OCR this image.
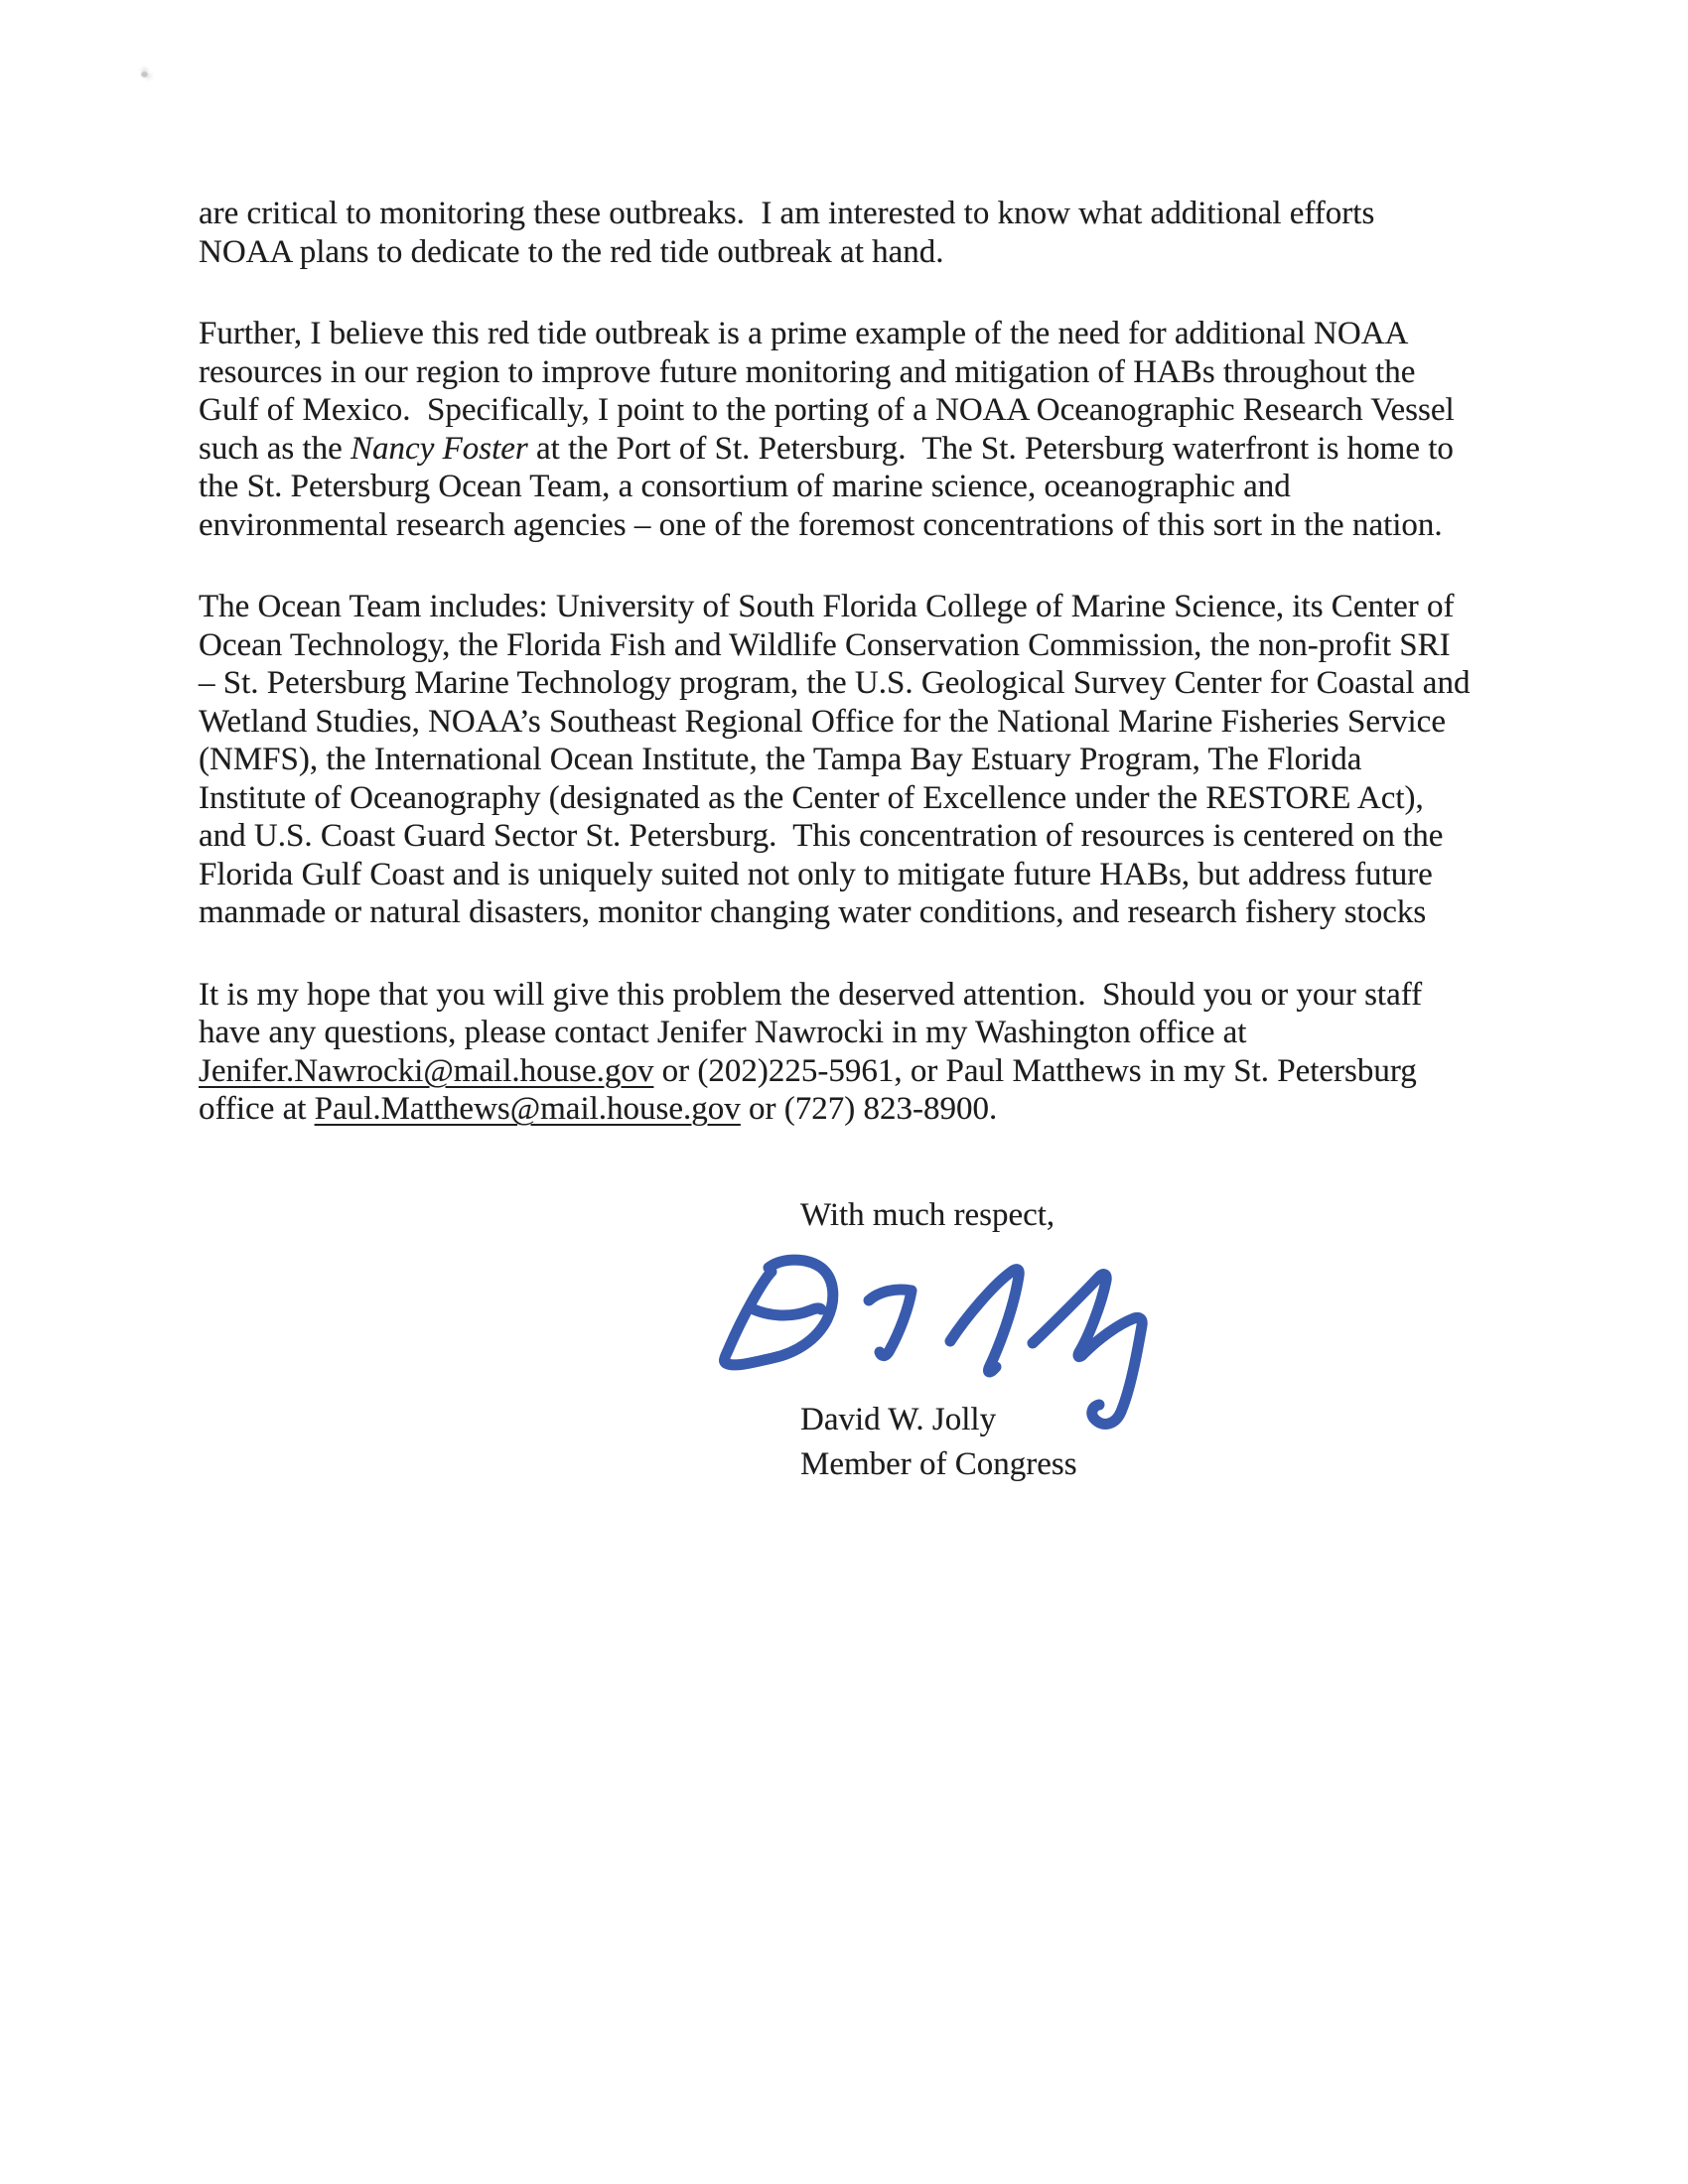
are critical to monitoring these outbreaks.  I am interested to know what additional efforts
NOAA plans to dedicate to the red tide outbreak at hand.

Further, I believe this red tide outbreak is a prime example of the need for additional NOAA
resources in our region to improve future monitoring and mitigation of HABs throughout the
Gulf of Mexico.  Specifically, I point to the porting of a NOAA Oceanographic Research Vessel
such as the Nancy Foster at the Port of St. Petersburg.  The St. Petersburg waterfront is home to
the St. Petersburg Ocean Team, a consortium of marine science, oceanographic and
environmental research agencies – one of the foremost concentrations of this sort in the nation.

The Ocean Team includes: University of South Florida College of Marine Science, its Center of
Ocean Technology, the Florida Fish and Wildlife Conservation Commission, the non-profit SRI
– St. Petersburg Marine Technology program, the U.S. Geological Survey Center for Coastal and
Wetland Studies, NOAA’s Southeast Regional Office for the National Marine Fisheries Service
(NMFS), the International Ocean Institute, the Tampa Bay Estuary Program, The Florida
Institute of Oceanography (designated as the Center of Excellence under the RESTORE Act),
and U.S. Coast Guard Sector St. Petersburg.  This concentration of resources is centered on the
Florida Gulf Coast and is uniquely suited not only to mitigate future HABs, but address future
manmade or natural disasters, monitor changing water conditions, and research fishery stocks

It is my hope that you will give this problem the deserved attention.  Should you or your staff
have any questions, please contact Jenifer Nawrocki in my Washington office at
Jenifer.Nawrocki@mail.house.gov or (202)225-5961, or Paul Matthews in my St. Petersburg
office at Paul.Matthews@mail.house.gov or (727) 823-8900.

With much respect,
David W. Jolly
Member of Congress
